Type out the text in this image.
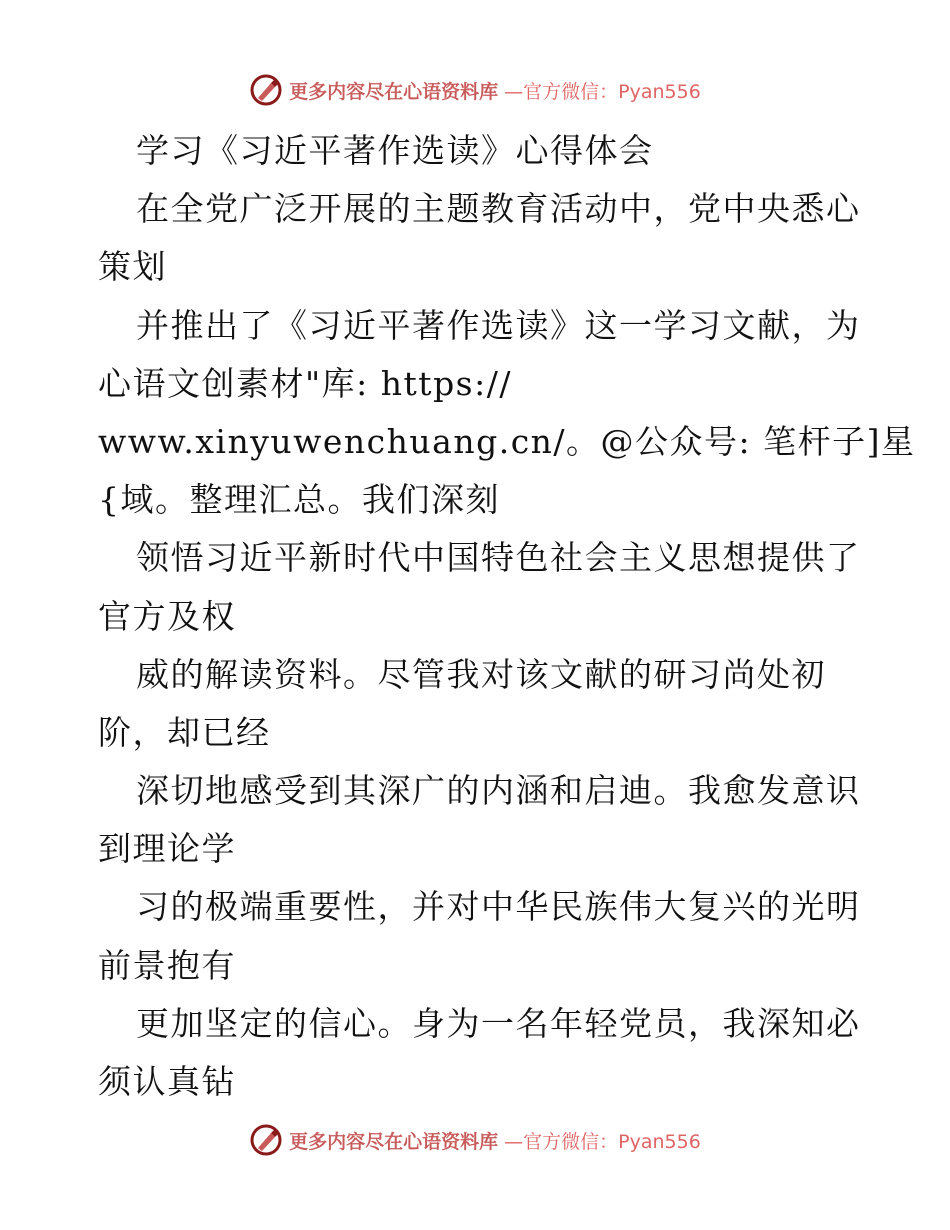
更多内容尽在心语资料库 —官方微信：Pyan556
学习《习近平著作选读》心得体会
在全党广泛开展的主题教育活动中，党中央悉心
策划
并推出了《习近平著作选读》这一学习文献，为
心语文创素材"库: https://
www.xinyuwenchuang.cn/。@公众号: 笔杆子]星
{域。整理汇总。我们深刻
领悟习近平新时代中国特色社会主义思想提供了
官方及权
威的解读资料。尽管我对该文献的研习尚处初
阶，却已经
深切地感受到其深广的内涵和启迪。我愈发意识
到理论学
习的极端重要性，并对中华民族伟大复兴的光明
前景抱有
更加坚定的信心。身为一名年轻党员，我深知必
须认真钻
更多内容尽在心语资料库 —官方微信：Pyan556
